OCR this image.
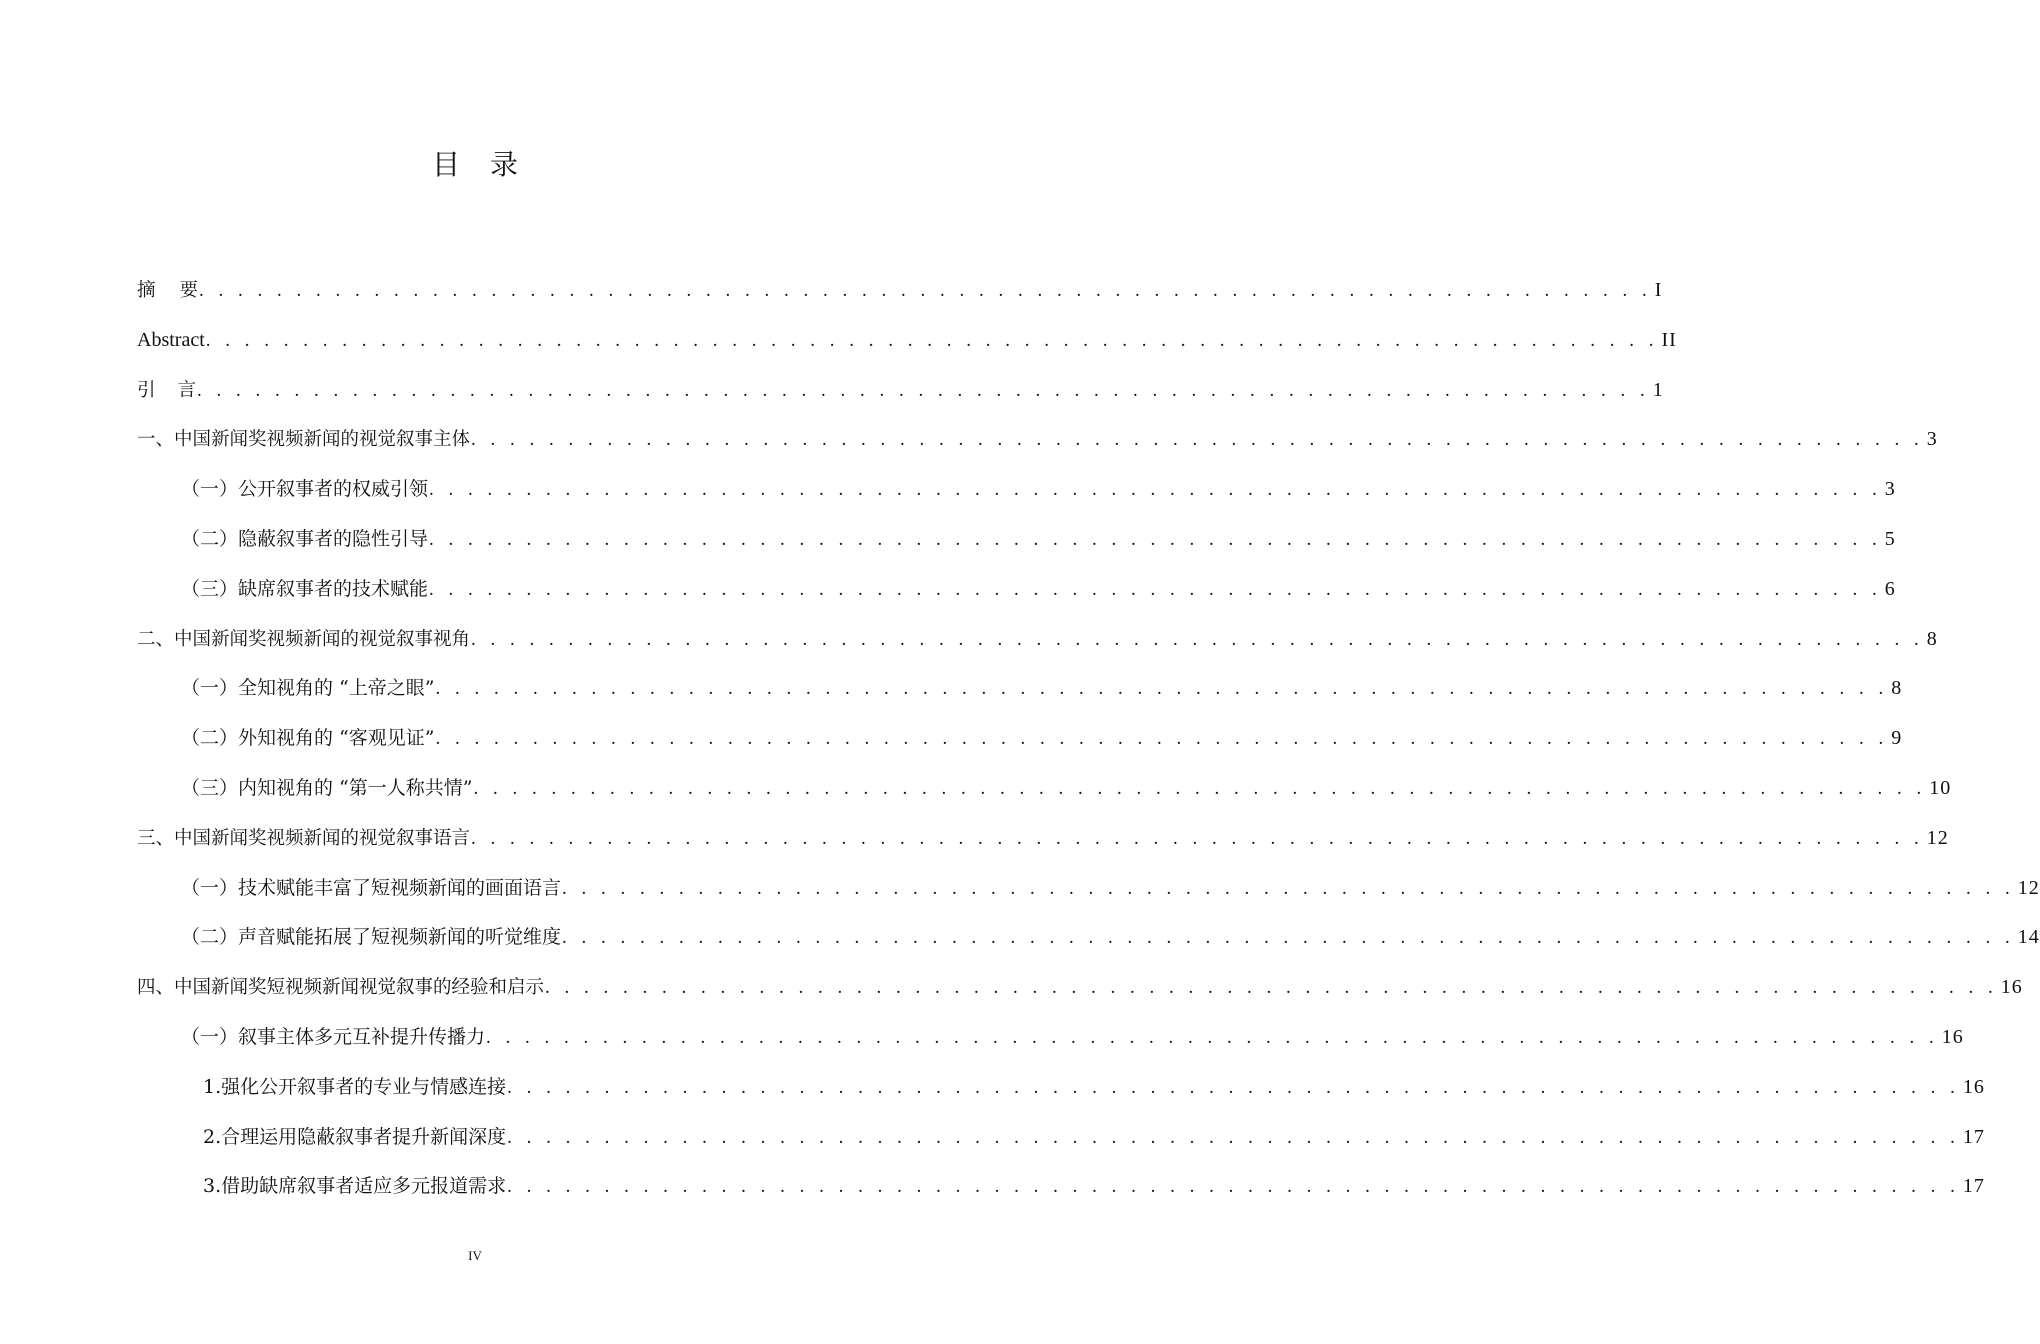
目录
摘要 . . . . . . . . . . . . . . . . . . . . . . . . . . . . . . . . . . . . . . . . . . . . . . . . . . . . . . . . . . . . . . . . . . . . . . . . . . . I
Abstract . . . . . . . . . . . . . . . . . . . . . . . . . . . . . . . . . . . . . . . . . . . . . . . . . . . . . . . . . . . . . . . . . . . . . . . . . . . II
引言 . . . . . . . . . . . . . . . . . . . . . . . . . . . . . . . . . . . . . . . . . . . . . . . . . . . . . . . . . . . . . . . . . . . . . . . . . . . 1
一、中国新闻奖视频新闻的视觉叙事主体 . . . . . . . . . . . . . . . . . . . . . . . . . . . . . . . . . . . . . . . . . . . . . . . . . . . . . . . . . . . . . . . . . . . . . . . . . . . 3
（一）公开叙事者的权威引领 . . . . . . . . . . . . . . . . . . . . . . . . . . . . . . . . . . . . . . . . . . . . . . . . . . . . . . . . . . . . . . . . . . . . . . . . . . . 3
（二）隐蔽叙事者的隐性引导 . . . . . . . . . . . . . . . . . . . . . . . . . . . . . . . . . . . . . . . . . . . . . . . . . . . . . . . . . . . . . . . . . . . . . . . . . . . 5
（三）缺席叙事者的技术赋能 . . . . . . . . . . . . . . . . . . . . . . . . . . . . . . . . . . . . . . . . . . . . . . . . . . . . . . . . . . . . . . . . . . . . . . . . . . . 6
二、中国新闻奖视频新闻的视觉叙事视角 . . . . . . . . . . . . . . . . . . . . . . . . . . . . . . . . . . . . . . . . . . . . . . . . . . . . . . . . . . . . . . . . . . . . . . . . . . . 8
（一）全知视角的 “上帝之眼” . . . . . . . . . . . . . . . . . . . . . . . . . . . . . . . . . . . . . . . . . . . . . . . . . . . . . . . . . . . . . . . . . . . . . . . . . . . 8
（二）外知视角的 “客观见证” . . . . . . . . . . . . . . . . . . . . . . . . . . . . . . . . . . . . . . . . . . . . . . . . . . . . . . . . . . . . . . . . . . . . . . . . . . . 9
（三）内知视角的 “第一人称共情” . . . . . . . . . . . . . . . . . . . . . . . . . . . . . . . . . . . . . . . . . . . . . . . . . . . . . . . . . . . . . . . . . . . . . . . . . . . 10
三、中国新闻奖视频新闻的视觉叙事语言 . . . . . . . . . . . . . . . . . . . . . . . . . . . . . . . . . . . . . . . . . . . . . . . . . . . . . . . . . . . . . . . . . . . . . . . . . . . 12
（一）技术赋能丰富了短视频新闻的画面语言 . . . . . . . . . . . . . . . . . . . . . . . . . . . . . . . . . . . . . . . . . . . . . . . . . . . . . . . . . . . . . . . . . . . . . . . . . . . 12
（二）声音赋能拓展了短视频新闻的听觉维度 . . . . . . . . . . . . . . . . . . . . . . . . . . . . . . . . . . . . . . . . . . . . . . . . . . . . . . . . . . . . . . . . . . . . . . . . . . . 14
四、中国新闻奖短视频新闻视觉叙事的经验和启示 . . . . . . . . . . . . . . . . . . . . . . . . . . . . . . . . . . . . . . . . . . . . . . . . . . . . . . . . . . . . . . . . . . . . . . . . . . . 16
（一）叙事主体多元互补提升传播力 . . . . . . . . . . . . . . . . . . . . . . . . . . . . . . . . . . . . . . . . . . . . . . . . . . . . . . . . . . . . . . . . . . . . . . . . . . . 16
1.强化公开叙事者的专业与情感连接 . . . . . . . . . . . . . . . . . . . . . . . . . . . . . . . . . . . . . . . . . . . . . . . . . . . . . . . . . . . . . . . . . . . . . . . . . . . 16
2.合理运用隐蔽叙事者提升新闻深度 . . . . . . . . . . . . . . . . . . . . . . . . . . . . . . . . . . . . . . . . . . . . . . . . . . . . . . . . . . . . . . . . . . . . . . . . . . . 17
3.借助缺席叙事者适应多元报道需求 . . . . . . . . . . . . . . . . . . . . . . . . . . . . . . . . . . . . . . . . . . . . . . . . . . . . . . . . . . . . . . . . . . . . . . . . . . . 17
IV
